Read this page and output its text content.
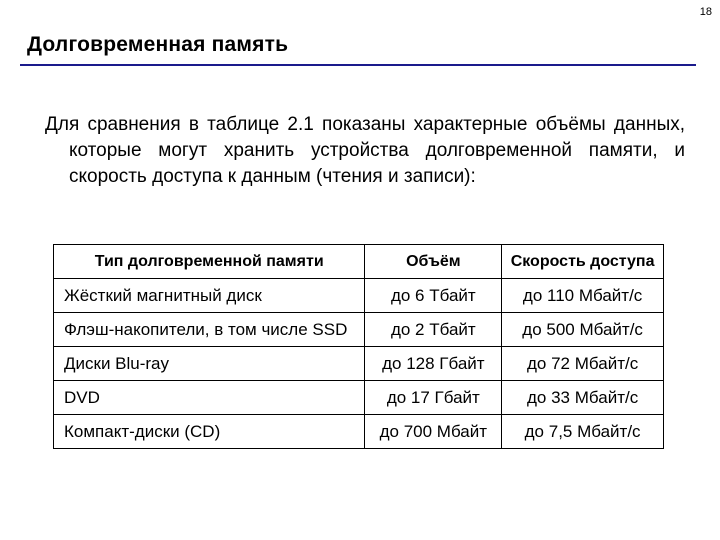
18
Долговременная память

Для сравнения в таблице 2.1 показаны характерные объёмы данных, которые могут хранить устройства долговременной памяти, и скорость доступа к данным (чтения и записи):

Тип долговременной памяти	Объём	Скорость доступа
Жёсткий магнитный диск	до 6 Тбайт	до 110 Мбайт/с
Флэш-накопители, в том числе SSD	до 2 Тбайт	до 500 Мбайт/с
Диски Blu-ray	до 128 Гбайт	до 72 Мбайт/с
DVD	до 17 Гбайт	до 33 Мбайт/с
Компакт-диски (CD)	до 700 Мбайт	до 7,5 Мбайт/с
